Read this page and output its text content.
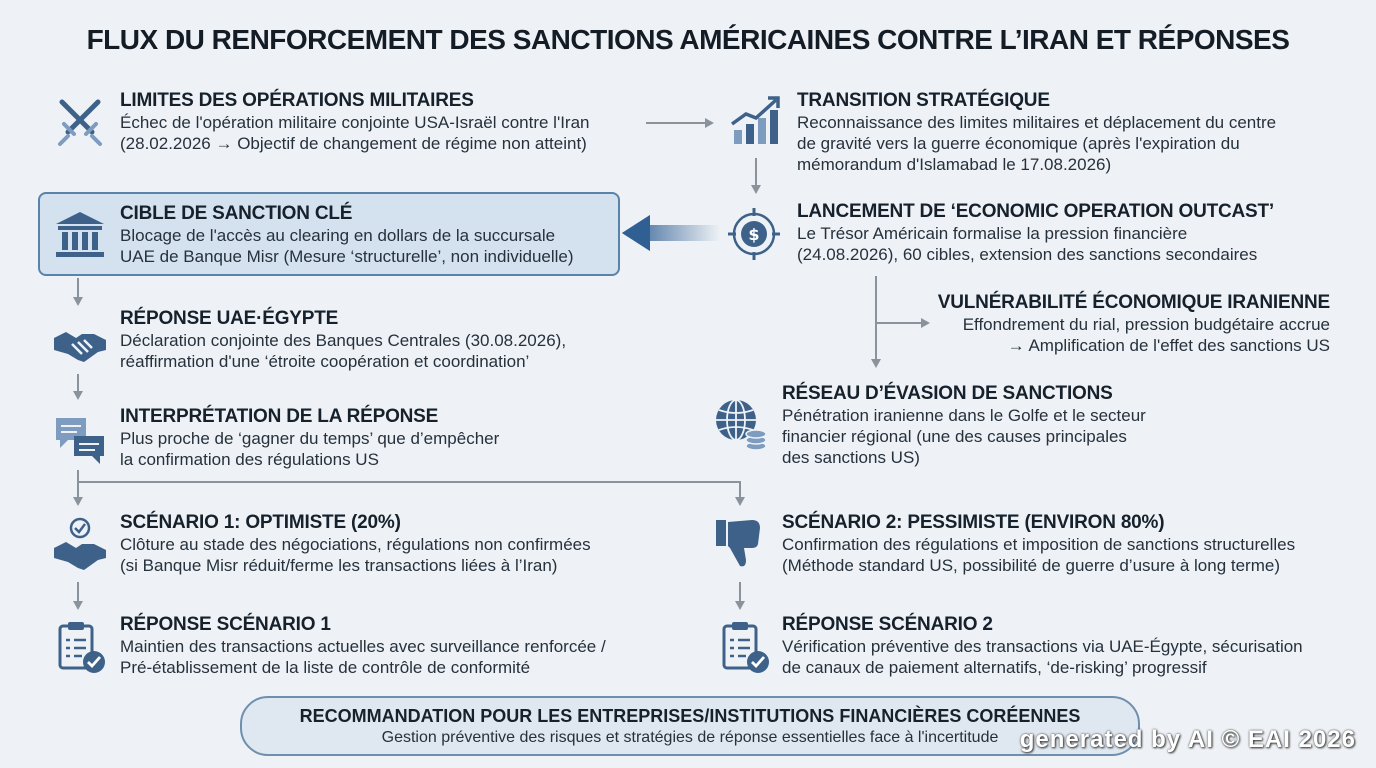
FLUX DU RENFORCEMENT DES SANCTIONS AMÉRICAINES CONTRE L’IRAN ET RÉPONSES
LIMITES DES OPÉRATIONS MILITAIRES

Échec de l'opération militaire conjointe USA-Israël contre l'Iran
(28.02.2026 → Objectif de changement de régime non atteint)

TRANSITION STRATÉGIQUE

Reconnaissance des limites militaires et déplacement du centre
de gravité vers la guerre économique (après l'expiration du
mémorandum d'Islamabad le 17.08.2026)

CIBLE DE SANCTION CLÉ

Blocage de l'accès au clearing en dollars de la succursale
UAE de Banque Misr (Mesure ‘structurelle’, non individuelle)

$
LANCEMENT DE ‘ECONOMIC OPERATION OUTCAST’

Le Trésor Américain formalise la pression financière
(24.08.2026), 60 cibles, extension des sanctions secondaires

RÉPONSE UAE·ÉGYPTE

Déclaration conjointe des Banques Centrales (30.08.2026),
réaffirmation d'une ‘étroite coopération et coordination’

VULNÉRABILITÉ ÉCONOMIQUE IRANIENNE

Effondrement du rial, pression budgétaire accrue
→ Amplification de l'effet des sanctions US

INTERPRÉTATION DE LA RÉPONSE

Plus proche de ‘gagner du temps’ que d’empêcher
la confirmation des régulations US

RÉSEAU D’ÉVASION DE SANCTIONS

Pénétration iranienne dans le Golfe et le secteur
financier régional (une des causes principales
des sanctions US)

SCÉNARIO 1: OPTIMISTE (20%)

Clôture au stade des négociations, régulations non confirmées
(si Banque Misr réduit/ferme les transactions liées à l’Iran)

SCÉNARIO 2: PESSIMISTE (ENVIRON 80%)

Confirmation des régulations et imposition de sanctions structurelles
(Méthode standard US, possibilité de guerre d’usure à long terme)

RÉPONSE SCÉNARIO 1

Maintien des transactions actuelles avec surveillance renforcée /
Pré-établissement de la liste de contrôle de conformité

RÉPONSE SCÉNARIO 2

Vérification préventive des transactions via UAE-Égypte, sécurisation
de canaux de paiement alternatifs, ‘de-risking’ progressif

RECOMMANDATION POUR LES ENTREPRISES/INSTITUTIONS FINANCIÈRES CORÉENNES

Gestion préventive des risques et stratégies de réponse essentielles face à l'incertitude generated by AI © EAI 2026
